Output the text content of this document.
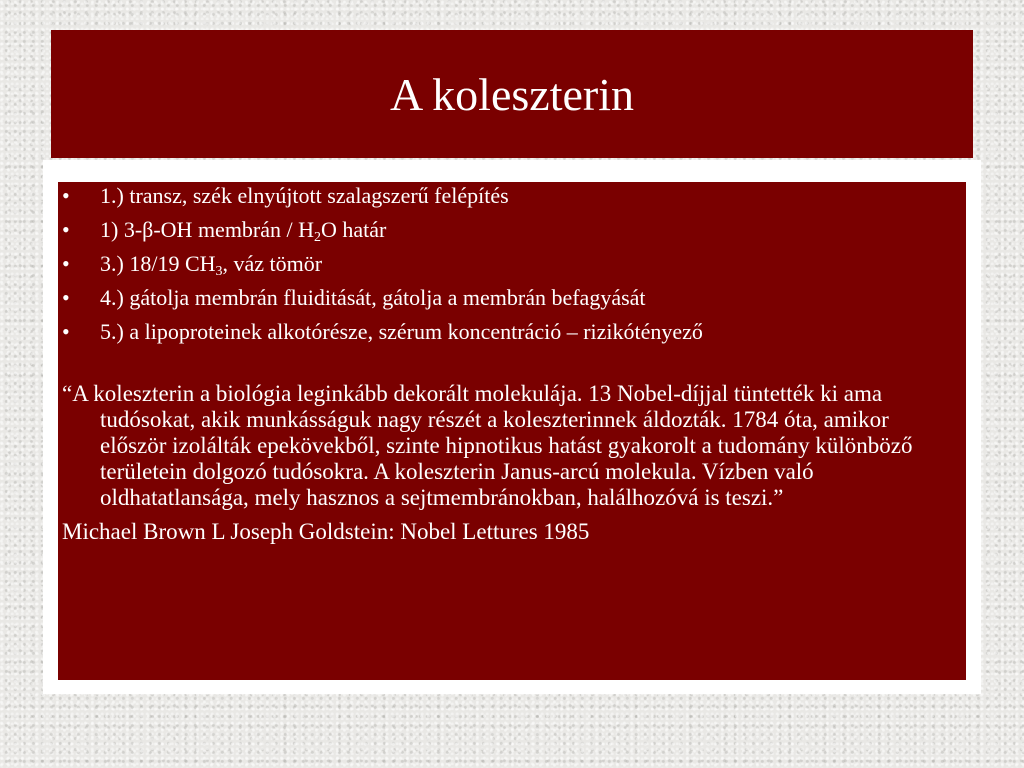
A koleszterin
• 1.) transz, szék elnyújtott szalagszerű felépítés
• 1) 3-β-OH membrán / $H_2O$ határ
• 3.) 18/19 $CH_3$, váz tömör
• 4.) gátolja membrán fluiditását, gátolja a membrán befagyását
• 5.) a lipoproteinek alkotórésze, szérum koncentráció – rizikótényező

“A koleszterin a biológia leginkább dekorált molekulája. 13 Nobel-díjjal tüntették ki ama tudósokat, akik munkásságuk nagy részét a koleszterinnek áldozták. 1784 óta, amikor először izolálták epekövekből, szinte hipnotikus hatást gyakorolt a tudomány különböző területein dolgozó tudósokra. A koleszterin Janus-arcú molekula. Vízben való oldhatatlansága, mely hasznos a sejtmembránokban, halálhozóvá is teszi.”

Michael Brown L Joseph Goldstein: Nobel Lettures 1985
